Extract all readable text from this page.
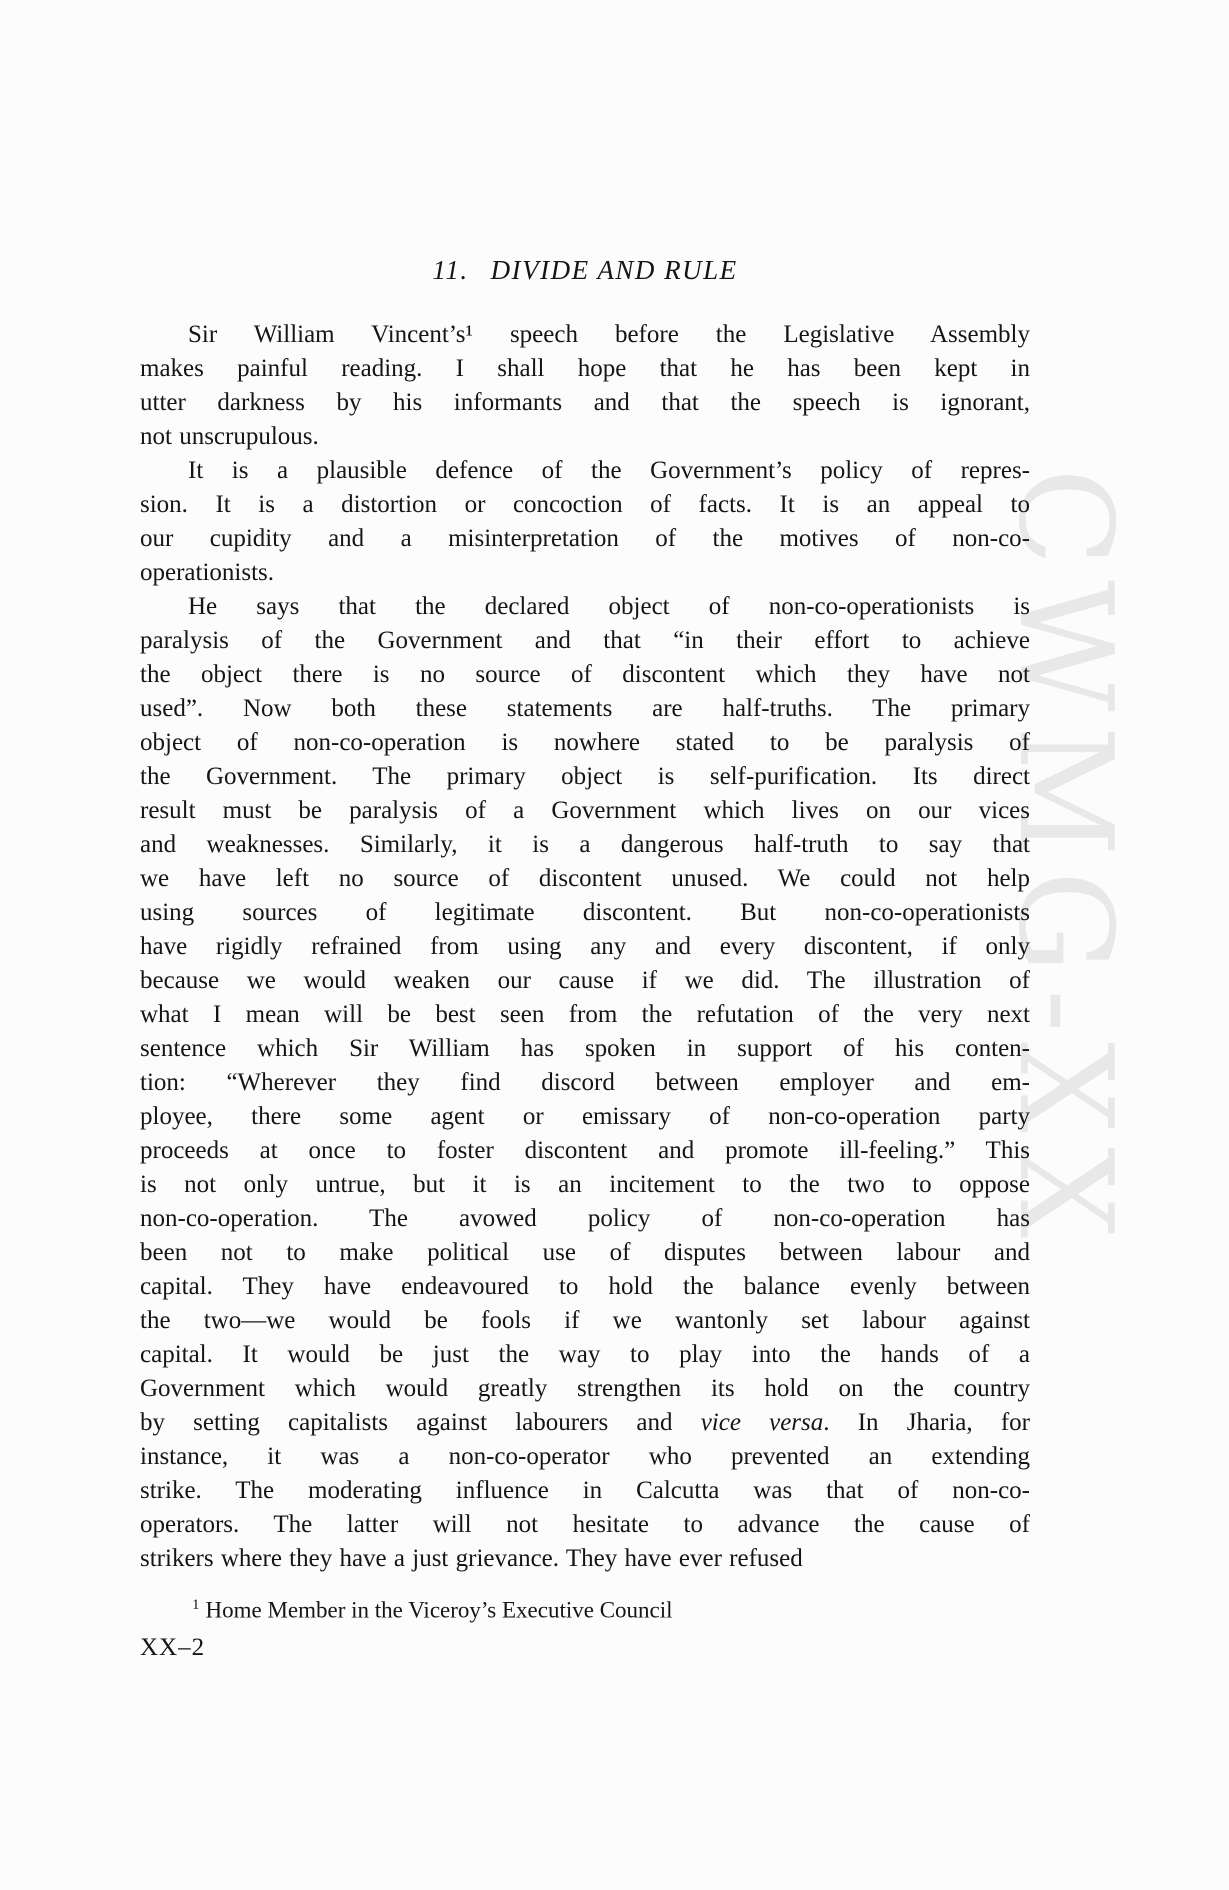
CWMG-XX
11. DIVIDE AND RULE
Sir William Vincent’s¹ speech before the Legislative Assembly
makes painful reading. I shall hope that he has been kept in
utter darkness by his informants and that the speech is ignorant,
not unscrupulous.
It is a plausible defence of the Government’s policy of repres-
sion. It is a distortion or concoction of facts. It is an appeal to
our cupidity and a misinterpretation of the motives of non-co-
operationists.
He says that the declared object of non-co-operationists is
paralysis of the Government and that “in their effort to achieve
the object there is no source of discontent which they have not
used”. Now both these statements are half-truths. The primary
object of non-co-operation is nowhere stated to be paralysis of
the Government. The primary object is self-purification. Its direct
result must be paralysis of a Government which lives on our vices
and weaknesses. Similarly, it is a dangerous half-truth to say that
we have left no source of discontent unused. We could not help
using sources of legitimate discontent. But non-co-operationists
have rigidly refrained from using any and every discontent, if only
because we would weaken our cause if we did. The illustration of
what I mean will be best seen from the refutation of the very next
sentence which Sir William has spoken in support of his conten-
tion: “Wherever they find discord between employer and em-
ployee, there some agent or emissary of non-co-operation party
proceeds at once to foster discontent and promote ill-feeling.” This
is not only untrue, but it is an incitement to the two to oppose
non-co-operation. The avowed policy of non-co-operation has
been not to make political use of disputes between labour and
capital. They have endeavoured to hold the balance evenly between
the two—we would be fools if we wantonly set labour against
capital. It would be just the way to play into the hands of a
Government which would greatly strengthen its hold on the country
by setting capitalists against labourers and vice versa. In Jharia, for
instance, it was a non-co-operator who prevented an extending
strike. The moderating influence in Calcutta was that of non-co-
operators. The latter will not hesitate to advance the cause of
strikers where they have a just grievance. They have ever refused
$^1$ Home Member in the Viceroy’s Executive Council
XX–2
